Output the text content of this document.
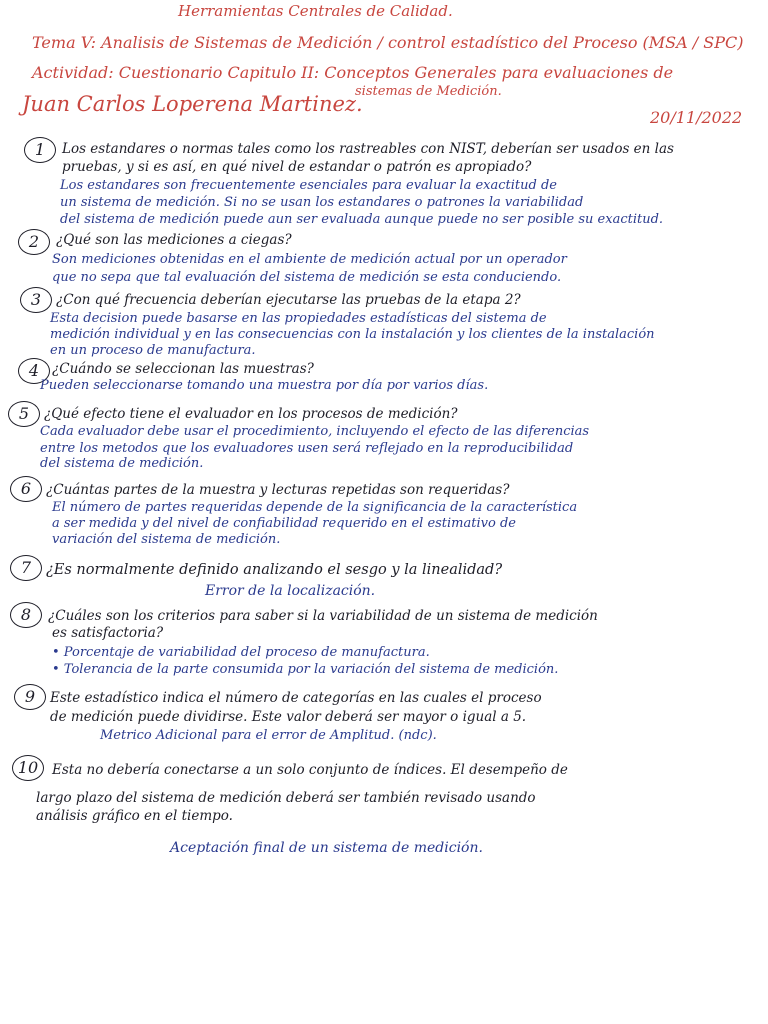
Herramientas Centrales de Calidad.
Tema V: Analisis de Sistemas de Medición / control estadístico del Proceso (MSA / SPC)
Actividad: Cuestionario Capitulo II: Conceptos Generales para evaluaciones de
sistemas de Medición.
Juan Carlos Loperena Martinez.
20/11/2022
1	Los estandares o normas tales como los rastreables con NIST, deberían ser usados en las
pruebas, y si es así, en qué nivel de estandar o patrón es apropiado?
Los estandares son frecuentemente esenciales para evaluar la exactitud de
un sistema de medición. Si no se usan los estandares o patrones la variabilidad
del sistema de medición puede aun ser evaluada aunque puede no ser posible su exactitud.
2	¿Qué son las mediciones a ciegas?
Son mediciones obtenidas en el ambiente de medición actual por un operador
que no sepa que tal evaluación del sistema de medición se esta conduciendo.
3	¿Con qué frecuencia deberían ejecutarse las pruebas de la etapa 2?
Esta decision puede basarse en las propiedades estadísticas del sistema de
medición individual y en las consecuencias con la instalación y los clientes de la instalación
en un proceso de manufactura.
4 ¿Cuándo se seleccionan las muestras?
Pueden seleccionarse tomando una muestra por día por varios días.
5	¿Qué efecto tiene el evaluador en los procesos de medición?
Cada evaluador debe usar el procedimiento, incluyendo el efecto de las diferencias
entre los metodos que los evaluadores usen será reflejado en la reproducibilidad
del sistema de medición.
6	¿Cuántas partes de la muestra y lecturas repetidas son requeridas?
El número de partes requeridas depende de la significancia de la característica
a ser medida y del nivel de confiabilidad requerido en el estimativo de
variación del sistema de medición.
7	¿Es normalmente definido analizando el sesgo y la linealidad?
Error de la localización.
8	¿Cuáles son los criterios para saber si la variabilidad de un sistema de medición
es satisfactoria?
• Porcentaje de variabilidad del proceso de manufactura.
• Tolerancia de la parte consumida por la variación del sistema de medición.
9	Este estadístico indica el número de categorías en las cuales el proceso
de medición puede dividirse. Este valor deberá ser mayor o igual a 5.
Metrico Adicional para el error de Amplitud. (ndc).
10	Esta no debería conectarse a un solo conjunto de índices. El desempeño de
largo plazo del sistema de medición deberá ser también revisado usando
análisis gráfico en el tiempo.
Aceptación final de un sistema de medición.
